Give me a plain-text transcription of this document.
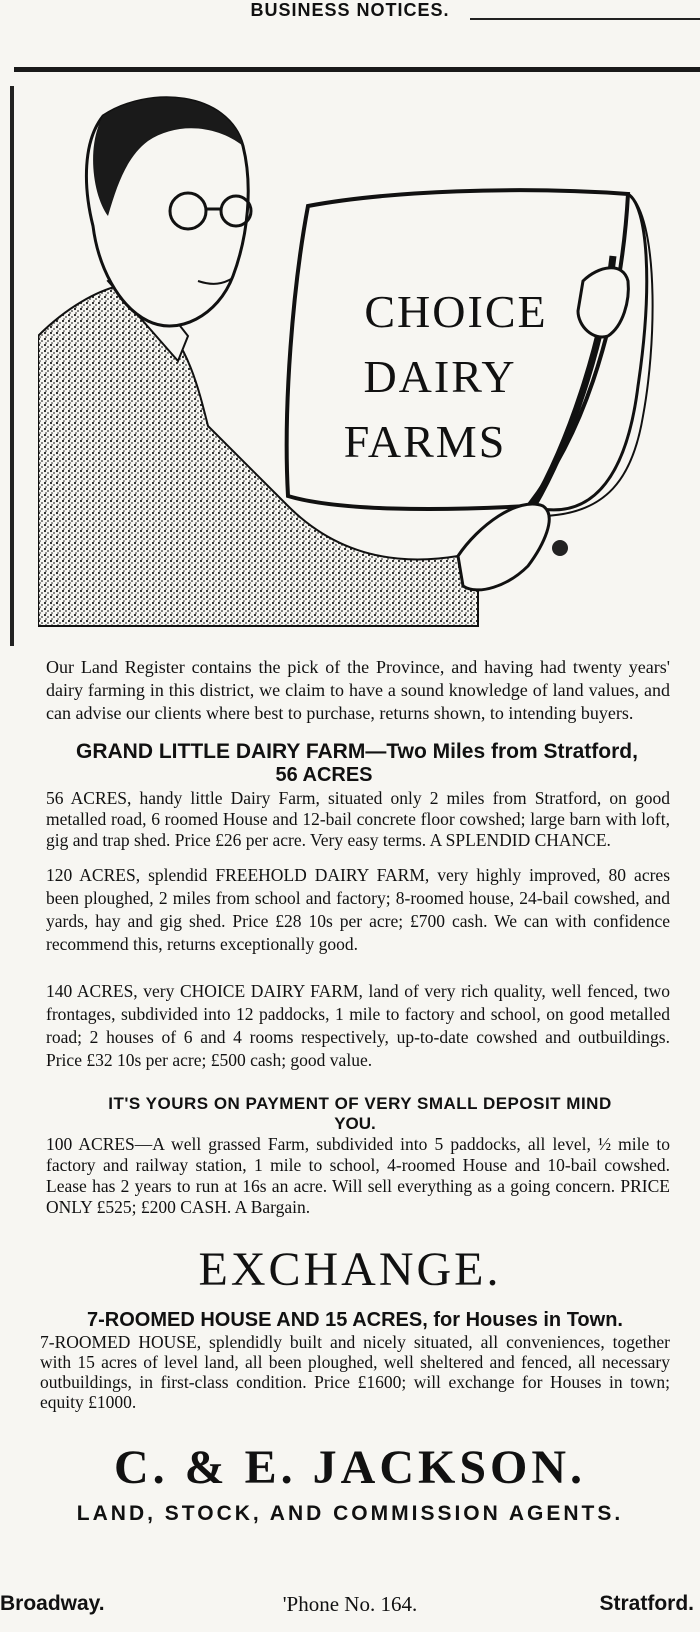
BUSINESS NOTICES.
CHOICE
DAIRY
FARMS
Our Land Register contains the pick of the Province, and having had twenty years' dairy farming in this district, we claim to have a sound knowledge of land values, and can advise our clients where best to purchase, returns shown, to intending buyers.
GRAND LITTLE DAIRY FARM—Two Miles from Stratford,
56 ACRES
56 ACRES, handy little Dairy Farm, situated only 2 miles from Stratford, on good metalled road, 6 roomed House and 12-bail concrete floor cowshed; large barn with loft, gig and trap shed. Price £26 per acre. Very easy terms. A SPLENDID CHANCE.
120 ACRES, splendid FREEHOLD DAIRY FARM, very highly improved, 80 acres been ploughed, 2 miles from school and factory; 8-roomed house, 24-bail cowshed, and yards, hay and gig shed. Price £28 10s per acre; £700 cash. We can with confidence recommend this, returns exceptionally good.
140 ACRES, very CHOICE DAIRY FARM, land of very rich quality, well fenced, two frontages, subdivided into 12 paddocks, 1 mile to factory and school, on good metalled road; 2 houses of 6 and 4 rooms respectively, up-to-date cowshed and outbuildings. Price £32 10s per acre; £500 cash; good value.
IT'S YOURS ON PAYMENT OF VERY SMALL DEPOSIT MIND
YOU.
100 ACRES—A well grassed Farm, subdivided into 5 paddocks, all level, ½ mile to factory and railway station, 1 mile to school, 4-roomed House and 10-bail cowshed. Lease has 2 years to run at 16s an acre. Will sell everything as a going concern. PRICE ONLY £525; £200 CASH. A Bargain.
EXCHANGE.
7-ROOMED HOUSE AND 15 ACRES, for Houses in Town.
7-ROOMED HOUSE, splendidly built and nicely situated, all conveniences, together with 15 acres of level land, all been ploughed, well sheltered and fenced, all necessary outbuildings, in first-class condition. Price £1600; will exchange for Houses in town; equity £1000.
C. & E. JACKSON.
LAND, STOCK, AND COMMISSION AGENTS.
'Phone No. 164.
Broadway.	Stratford.
